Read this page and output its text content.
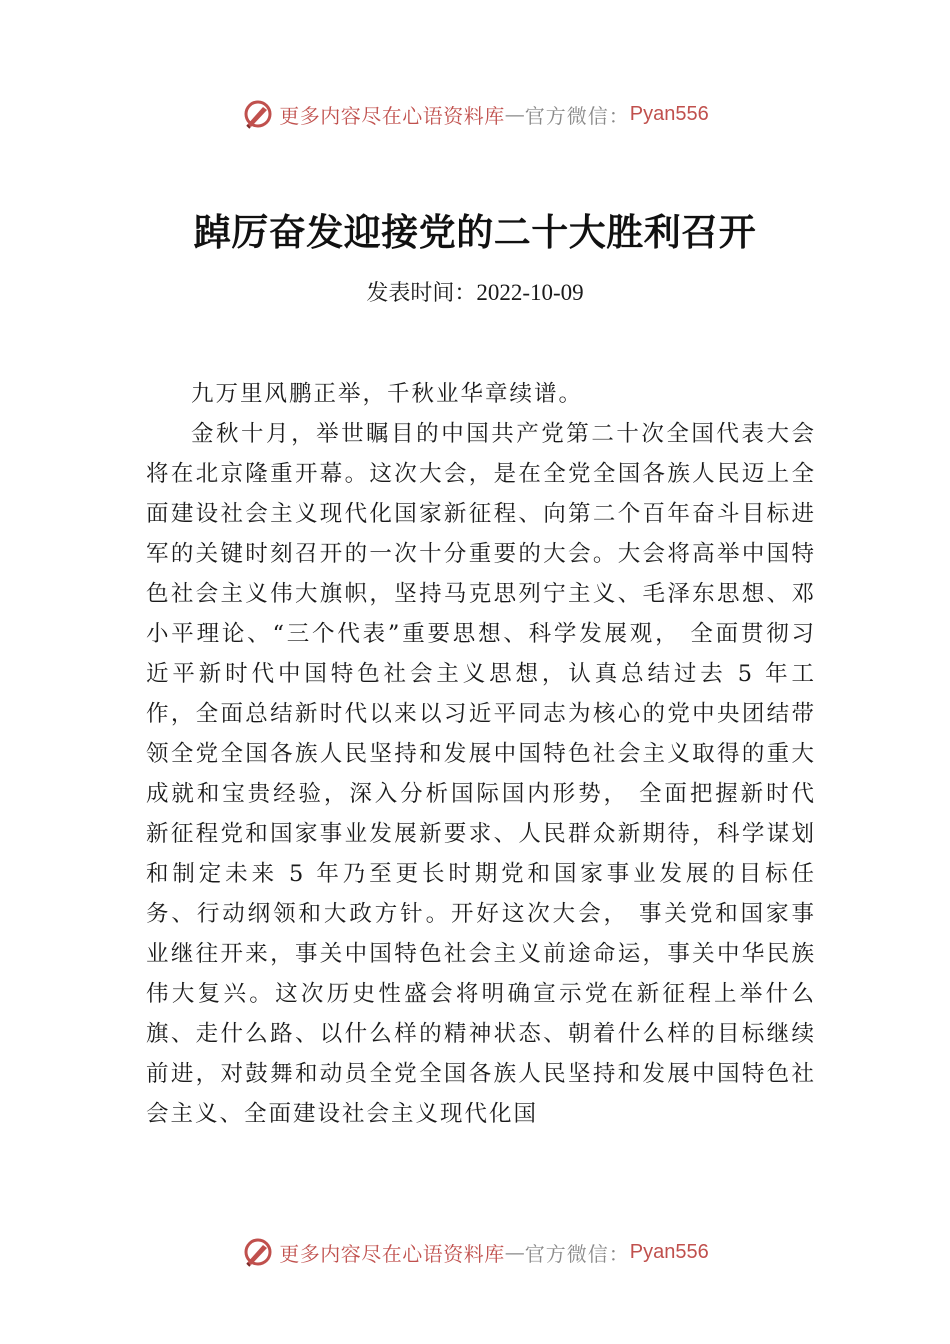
更多内容尽在心语资料库 — 官方微信： Pyan556
踔厉奋发迎接党的二十大胜利召开
发表时间：2022-10-09

九万里风鹏正举，千秋业华章续谱。

金秋十月，举世瞩目的中国共产党第二十次全国代表大会将在北京隆重开幕。这次大会，是在全党全国各族人民迈上全面建设社会主义现代化国家新征程、向第二个百年奋斗目标进军的关键时刻召开的一次十分重要的大会。大会将高举中国特色社会主义伟大旗帜，坚持马克思列宁主义、毛泽东思想、邓小平理论、“三个代表”重要思想、科学发展观， 全面贯彻习近平新时代中国特色社会主义思想，认真总结过去 5 年工作，全面总结新时代以来以习近平同志为核心的党中央团结带领全党全国各族人民坚持和发展中国特色社会主义取得的重大成就和宝贵经验，深入分析国际国内形势， 全面把握新时代新征程党和国家事业发展新要求、人民群众新期待，科学谋划和制定未来 5 年乃至更长时期党和国家事业发展的目标任务、行动纲领和大政方针。开好这次大会， 事关党和国家事业继往开来，事关中国特色社会主义前途命运，事关中华民族伟大复兴。这次历史性盛会将明确宣示党在新征程上举什么旗、走什么路、以什么样的精神状态、朝着什么样的目标继续前进，对鼓舞和动员全党全国各族人民坚持和发展中国特色社会主义、全面建设社会主义现代化国

更多内容尽在心语资料库 — 官方微信： Pyan556
